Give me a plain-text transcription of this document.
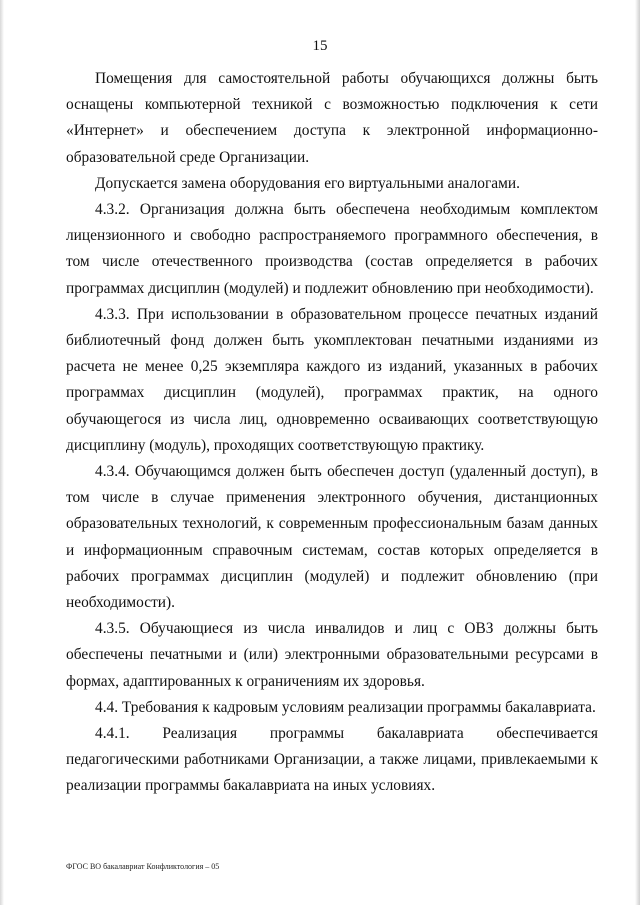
15

Помещения для самостоятельной работы обучающихся должны быть оснащены компьютерной техникой с возможностью подключения к сети «Интернет» и обеспечением доступа к электронной информационно-образовательной среде Организации.

Допускается замена оборудования его виртуальными аналогами.

4.3.2. Организация должна быть обеспечена необходимым комплектом лицензионного и свободно распространяемого программного обеспечения, в том числе отечественного производства (состав определяется в рабочих программах дисциплин (модулей) и подлежит обновлению при необходимости).

4.3.3. При использовании в образовательном процессе печатных изданий библиотечный фонд должен быть укомплектован печатными изданиями из расчета не менее 0,25 экземпляра каждого из изданий, указанных в рабочих программах дисциплин (модулей), программах практик, на одного обучающегося из числа лиц, одновременно осваивающих соответствующую дисциплину (модуль), проходящих соответствующую практику.

4.3.4. Обучающимся должен быть обеспечен доступ (удаленный доступ), в том числе в случае применения электронного обучения, дистанционных образовательных технологий, к современным профессиональным базам данных и информационным справочным системам, состав которых определяется в рабочих программах дисциплин (модулей) и подлежит обновлению (при необходимости).

4.3.5. Обучающиеся из числа инвалидов и лиц с ОВЗ должны быть обеспечены печатными и (или) электронными образовательными ресурсами в формах, адаптированных к ограничениям их здоровья.

4.4. Требования к кадровым условиям реализации программы бакалавриата.

4.4.1. Реализация программы бакалавриата обеспечивается педагогическими работниками Организации, а также лицами, привлекаемыми к реализации программы бакалавриата на иных условиях.

ФГОС ВО бакалавриат Конфликтология – 05
